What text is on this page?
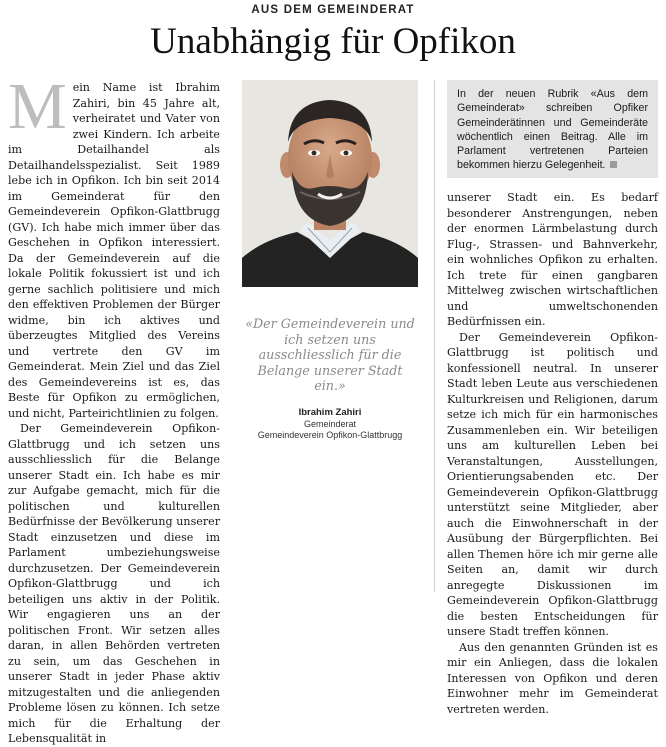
AUS DEM GEMEINDERAT
Unabhängig für Opfikon

Mein Name ist Ibrahim Zahiri, bin 45 Jahre alt, verheiratet und Vater von zwei Kindern. Ich arbeite im Detailhandel als Detailhandelsspezialist. Seit 1989 lebe ich in Opfikon. Ich bin seit 2014 im Gemeinderat für den Gemeindeverein Opfikon-Glattbrugg (GV). Ich habe mich immer über das Geschehen in Opfikon interessiert. Da der Gemeindeverein auf die lokale Politik fokussiert ist und ich gerne sachlich politisiere und mich den effektiven Problemen der Bürger widme, bin ich aktives und überzeugtes Mitglied des Vereins und vertrete den GV im Gemeinderat. Mein Ziel und das Ziel des Gemeindevereins ist es, das Beste für Opfikon zu ermöglichen, und nicht, Parteirichtlinien zu folgen.

Der Gemeindeverein Opfikon-Glattbrugg und ich setzen uns ausschliesslich für die Belange unserer Stadt ein. Ich habe es mir zur Aufgabe gemacht, mich für die politischen und kulturellen Bedürfnisse der Bevölkerung unserer Stadt einzusetzen und diese im Parlament umbeziehungsweise durchzusetzen. Der Gemeindeverein Opfikon-Glattbrugg und ich beteiligen uns aktiv in der Politik. Wir engagieren uns an der politischen Front. Wir setzen alles daran, in allen Behörden vertreten zu sein, um das Geschehen in unserer Stadt in jeder Phase aktiv mitzugestalten und die anliegenden Probleme lösen zu können. Ich setze mich für die Erhaltung der Lebensqualität in

«Der Gemeindeverein und ich setzen uns ausschliesslich für die Belange unserer Stadt ein.»
Ibrahim Zahiri
Gemeinderat
Gemeindeverein Opfikon-Glattbrugg
In der neuen Rubrik «Aus dem Gemeinderat» schreiben Opfiker Gemeinderätinnen und Gemeinderäte wöchentlich einen Beitrag. Alle im Parlament vertretenen Parteien bekommen hierzu Gelegenheit.

unserer Stadt ein. Es bedarf besonderer Anstrengungen, neben der enormen Lärmbelastung durch Flug-, Strassen- und Bahnverkehr, ein wohnliches Opfikon zu erhalten. Ich trete für einen gangbaren Mittelweg zwischen wirtschaftlichen und umweltschonenden Bedürfnissen ein.

Der Gemeindeverein Opfikon-Glattbrugg ist politisch und konfessionell neutral. In unserer Stadt leben Leute aus verschiedenen Kulturkreisen und Religionen, darum setze ich mich für ein harmonisches Zusammenleben ein. Wir beteiligen uns am kulturellen Leben bei Veranstaltungen, Ausstellungen, Orientierungsabenden etc. Der Gemeindeverein Opfikon-Glattbrugg unterstützt seine Mitglieder, aber auch die Einwohnerschaft in der Ausübung der Bürgerpflichten. Bei allen Themen höre ich mir gerne alle Seiten an, damit wir durch anregegte Diskussionen im Gemeindeverein Opfikon-Glattbrugg die besten Entscheidungen für unsere Stadt treffen können.

Aus den genannten Gründen ist es mir ein Anliegen, dass die lokalen Interessen von Opfikon und deren Einwohner mehr im Gemeinderat vertreten werden.
